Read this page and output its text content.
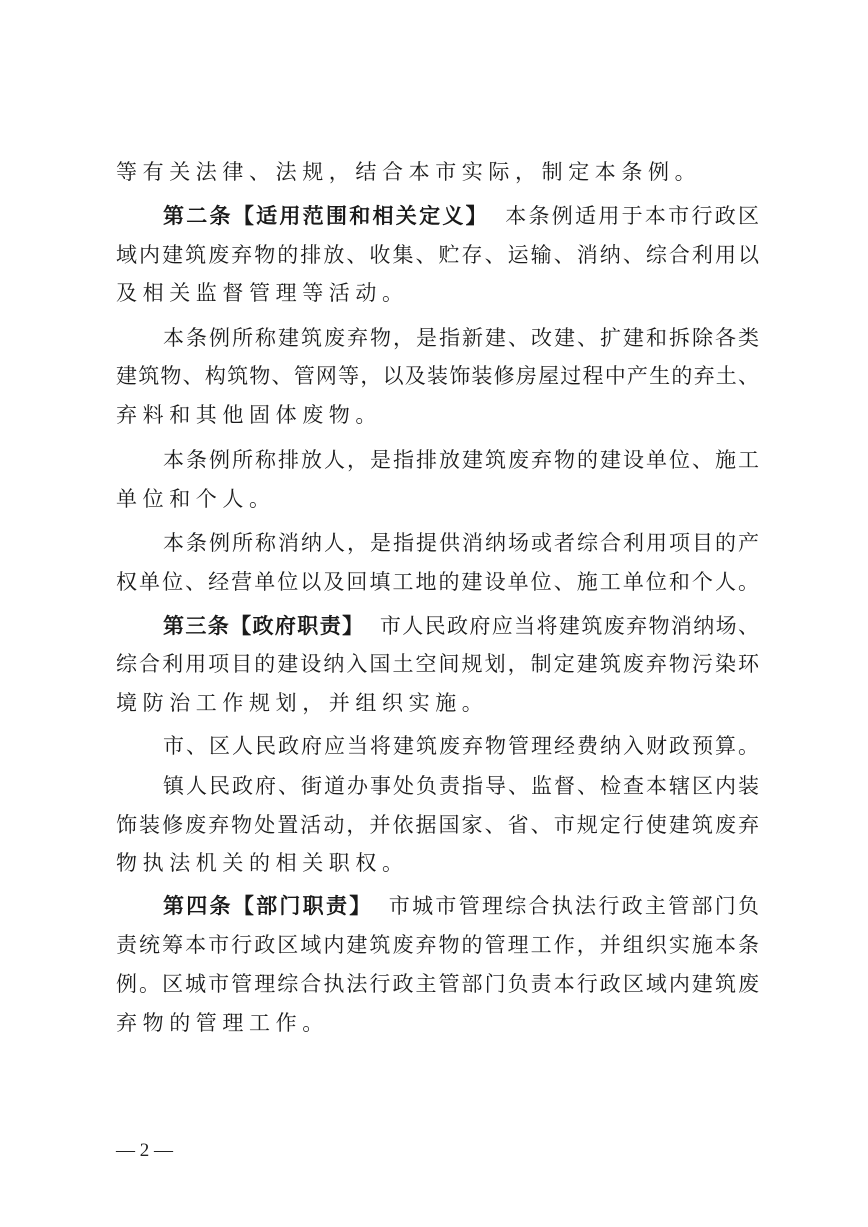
等有关法律、法规，结合本市实际，制定本条例。
第二条【适用范围和相关定义】 本条例适用于本市行政区
域内建筑废弃物的排放、收集、贮存、运输、消纳、综合利用以
及相关监督管理等活动。
本条例所称建筑废弃物，是指新建、改建、扩建和拆除各类
建筑物、构筑物、管网等，以及装饰装修房屋过程中产生的弃土、
弃料和其他固体废物。
本条例所称排放人，是指排放建筑废弃物的建设单位、施工
单位和个人。
本条例所称消纳人，是指提供消纳场或者综合利用项目的产
权单位、经营单位以及回填工地的建设单位、施工单位和个人。
第三条【政府职责】 市人民政府应当将建筑废弃物消纳场、
综合利用项目的建设纳入国土空间规划，制定建筑废弃物污染环
境防治工作规划，并组织实施。
市、区人民政府应当将建筑废弃物管理经费纳入财政预算。
镇人民政府、街道办事处负责指导、监督、检查本辖区内装
饰装修废弃物处置活动，并依据国家、省、市规定行使建筑废弃
物执法机关的相关职权。
第四条【部门职责】 市城市管理综合执法行政主管部门负
责统筹本市行政区域内建筑废弃物的管理工作，并组织实施本条
例。区城市管理综合执法行政主管部门负责本行政区域内建筑废
弃物的管理工作。
— 2 —
